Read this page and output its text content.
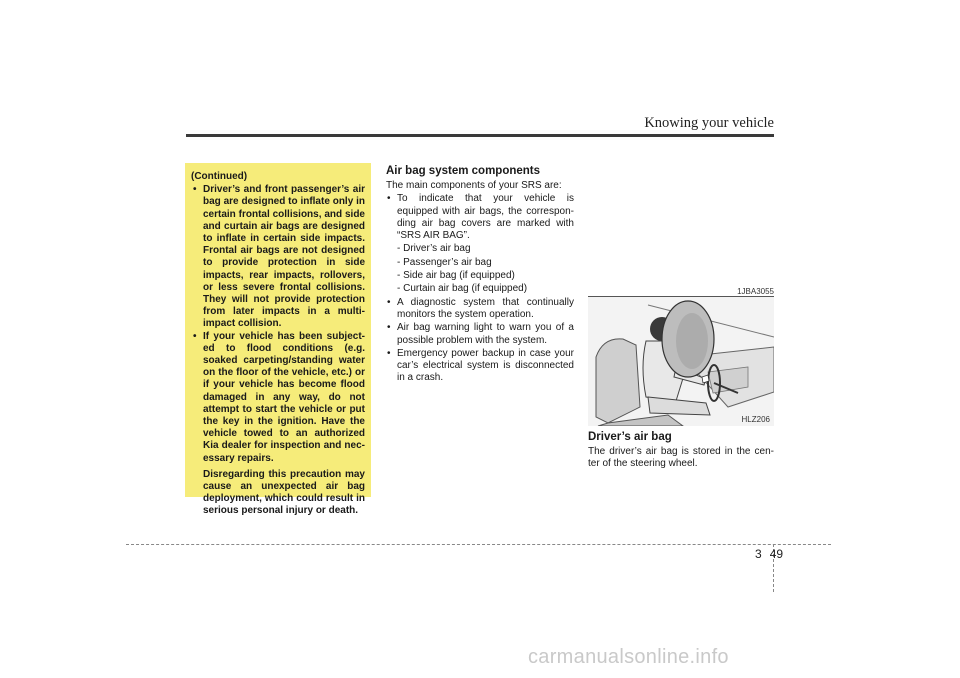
Knowing your vehicle

(Continued)

• Driver’s and front passenger’s air bag are designed to inflate only in certain frontal collisions, and side and curtain air bags are designed to inflate in certain side impacts. Frontal air bags are not designed to provide protection in side impacts, rear impacts, rollovers, or less severe frontal collisions. They will not provide protection from later impacts in a multi-impact collision.

• If your vehicle has been subject-ed to flood conditions (e.g. soaked carpeting/standing water on the floor of the vehicle, etc.) or if your vehicle has become flood damaged in any way, do not attempt to start the vehicle or put the key in the ignition. Have the vehicle towed to an authorized Kia dealer for inspection and nec-essary repairs.

Disregarding this precaution may cause an unexpected air bag deployment, which could result in serious personal injury or death.

Air bag system components

The main components of your SRS are:

• To indicate that your vehicle is equipped with air bags, the correspon-ding air bag covers are marked with “SRS AIR BAG”.

- Driver’s air bag

- Passenger’s air bag

- Side air bag (if equipped)

- Curtain air bag (if equipped)

• A diagnostic system that continually monitors the system operation.

• Air bag warning light to warn you of a possible problem with the system.

• Emergency power backup in case your car’s electrical system is disconnected in a crash.

1JBA3055
HLZ206
Driver’s air bag

The driver’s air bag is stored in the cen-ter of the steering wheel.

3 49
carmanualsonline.info
